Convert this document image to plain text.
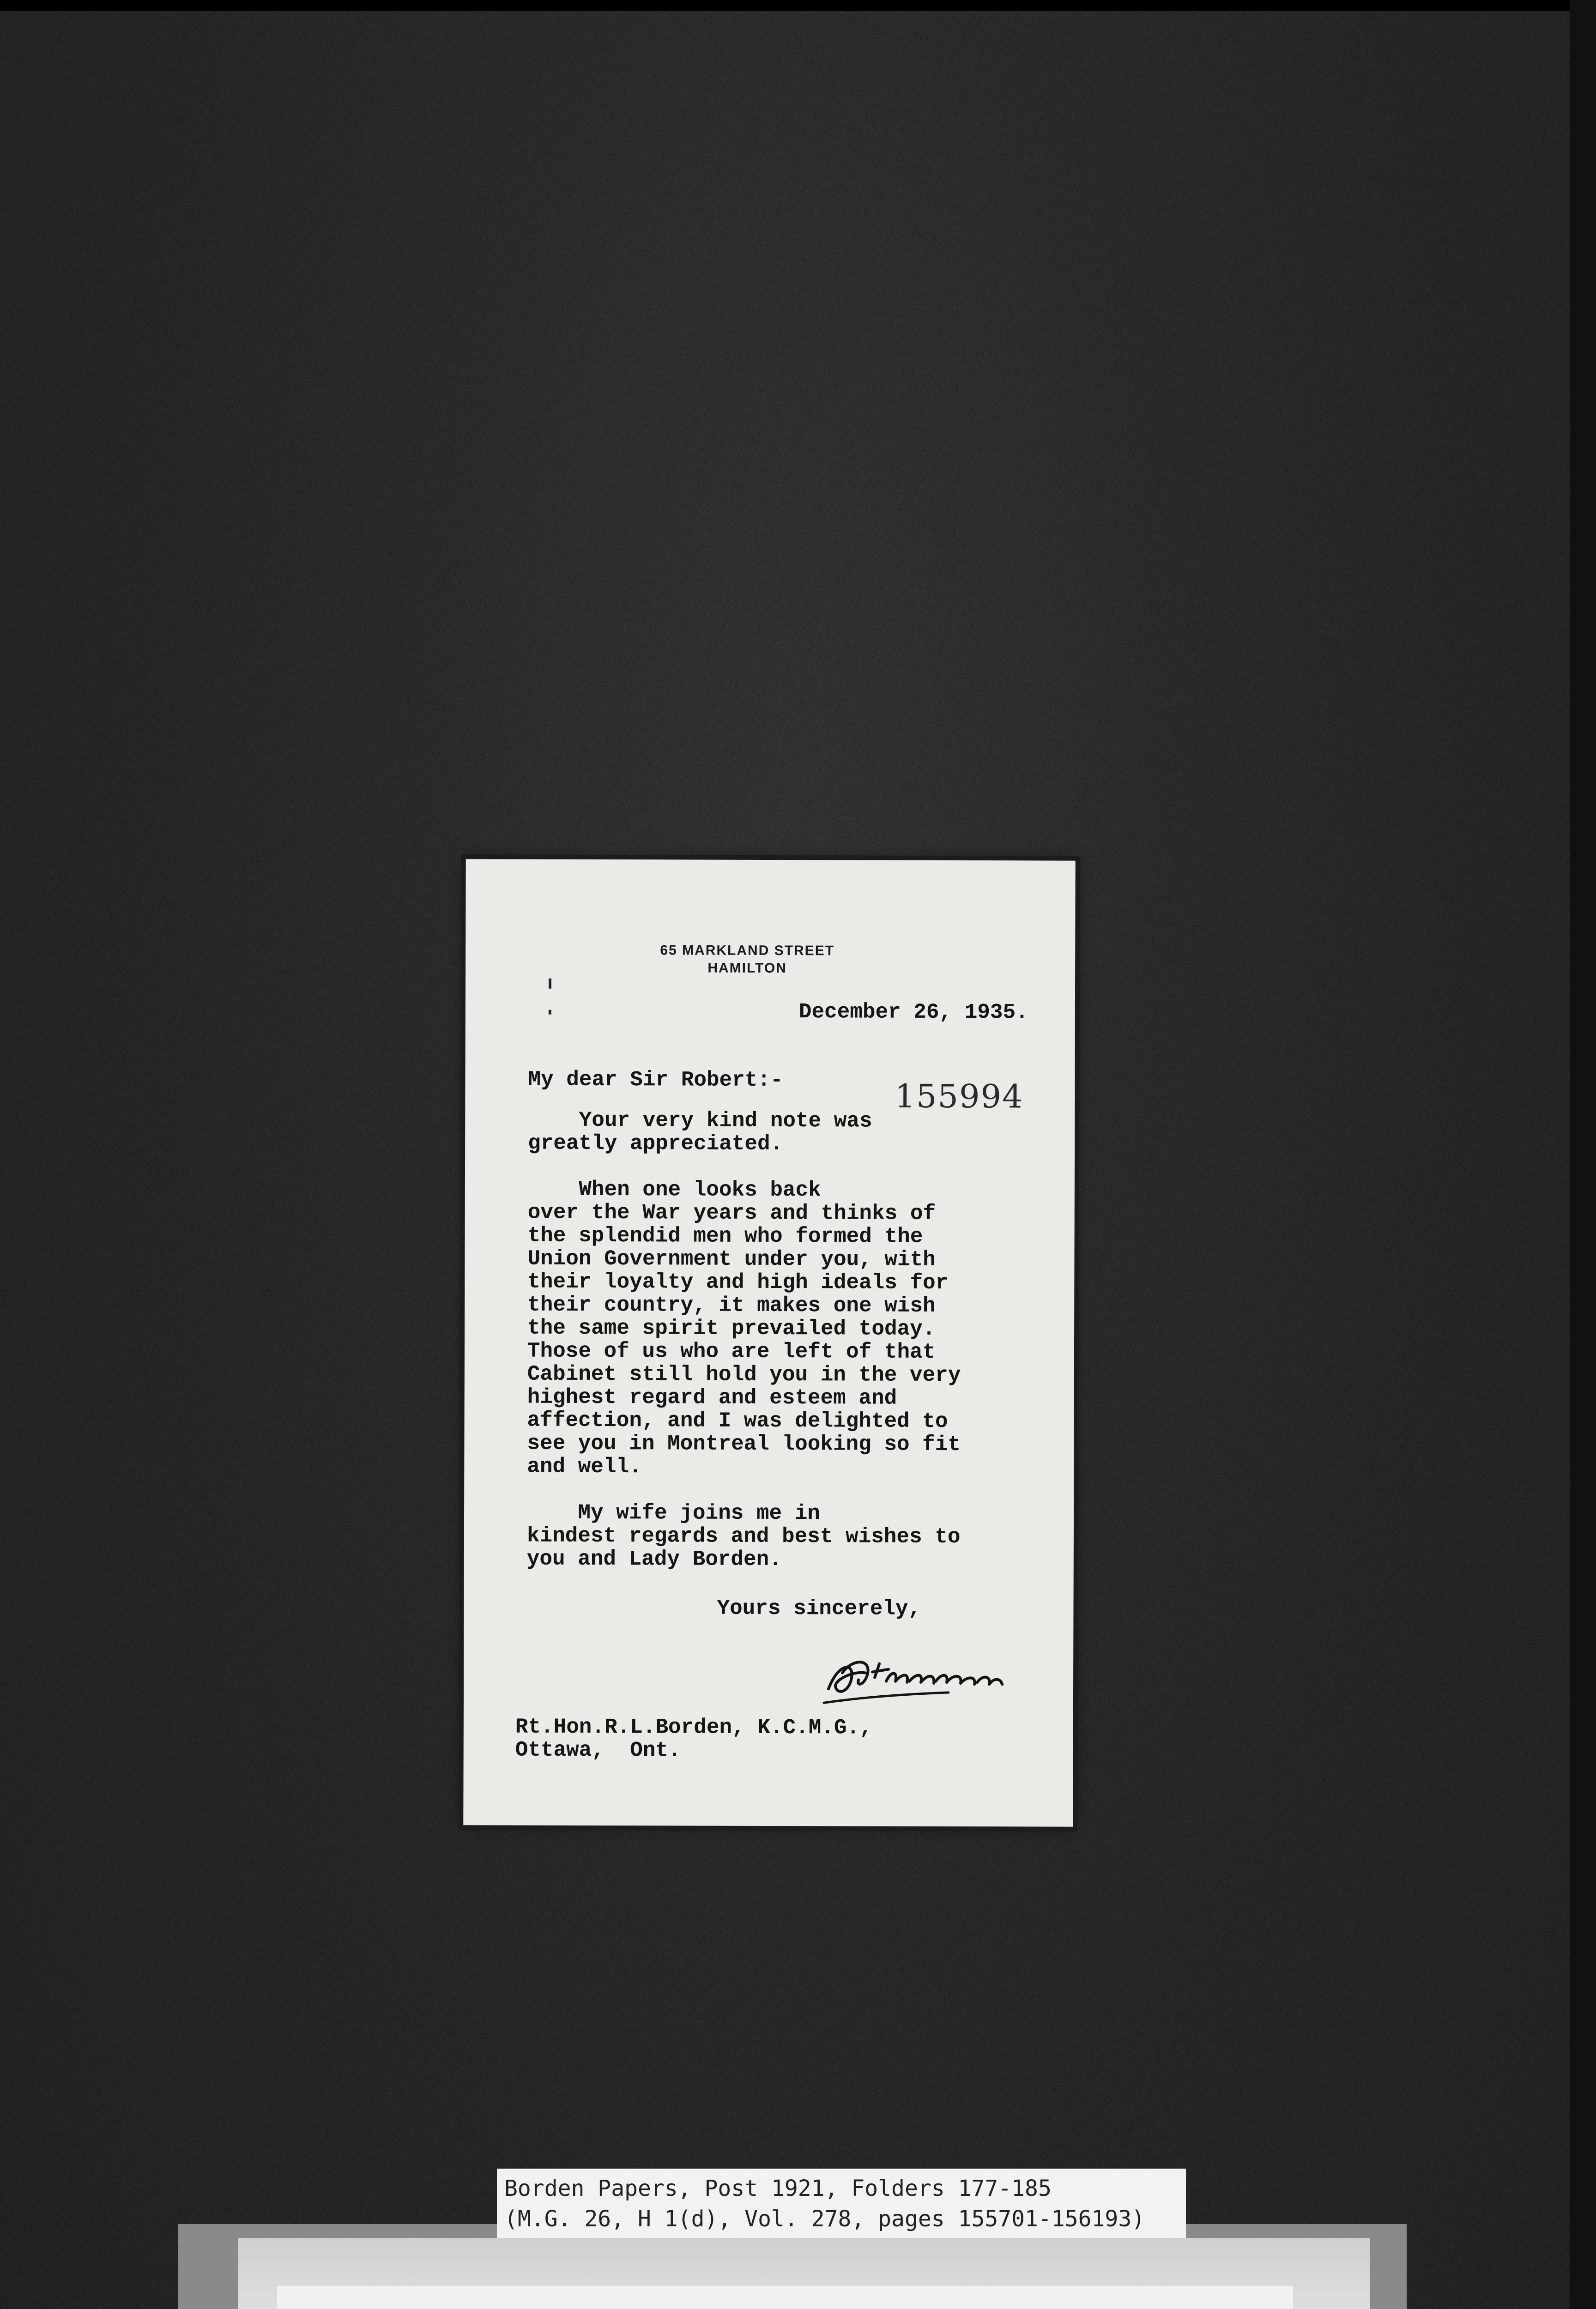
65 MARKLAND STREET
HAMILTON
December 26, 1935.
My dear Sir Robert:-	155994
Your very kind note was
greatly appreciated.
When one looks back
over the War years and thinks of
the splendid men who formed the
Union Government under you, with
their loyalty and high ideals for
their country, it makes one wish
the same spirit prevailed today.
Those of us who are left of that
Cabinet still hold you in the very
highest regard and esteem and
affection, and I was delighted to
see you in Montreal looking so fit
and well.
My wife joins me in
kindest regards and best wishes to
you and Lady Borden.
Yours sincerely,
Rt.Hon.R.L.Borden, K.C.M.G.,
Ottawa,  Ont.
Borden Papers, Post 1921, Folders 177-185
(M.G. 26, H 1(d), Vol. 278, pages 155701-156193)
